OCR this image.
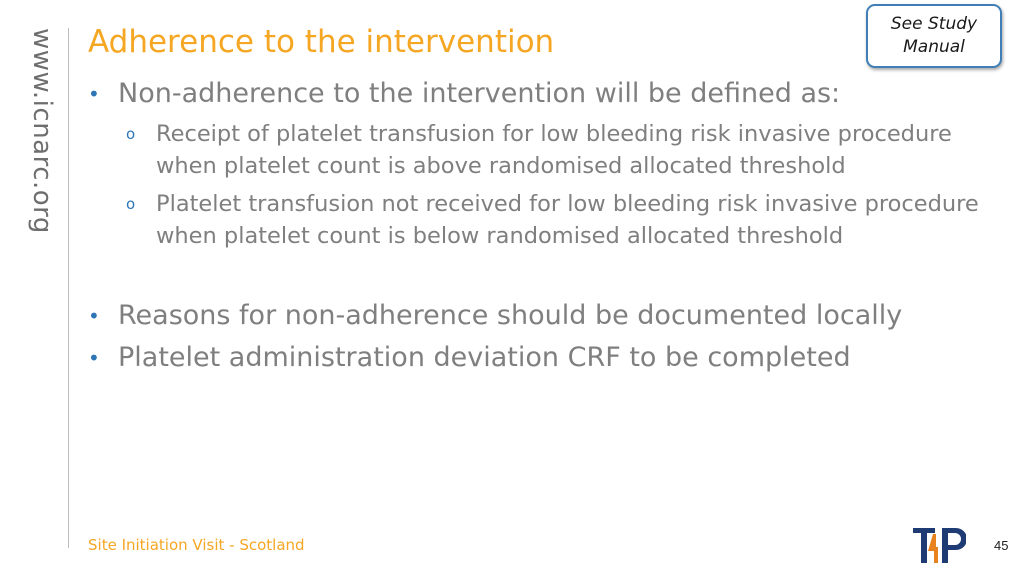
www.icnarc.org Adherence to the intervention	See Study
Manual
• Non-adherence to the intervention will be defined as:
o Receipt of platelet transfusion for low bleeding risk invasive procedure when platelet count is above randomised allocated threshold
o Platelet transfusion not received for low bleeding risk invasive procedure when platelet count is below randomised allocated threshold
• Reasons for non-adherence should be documented locally
• Platelet administration deviation CRF to be completed
Site Initiation Visit - Scotland	45
